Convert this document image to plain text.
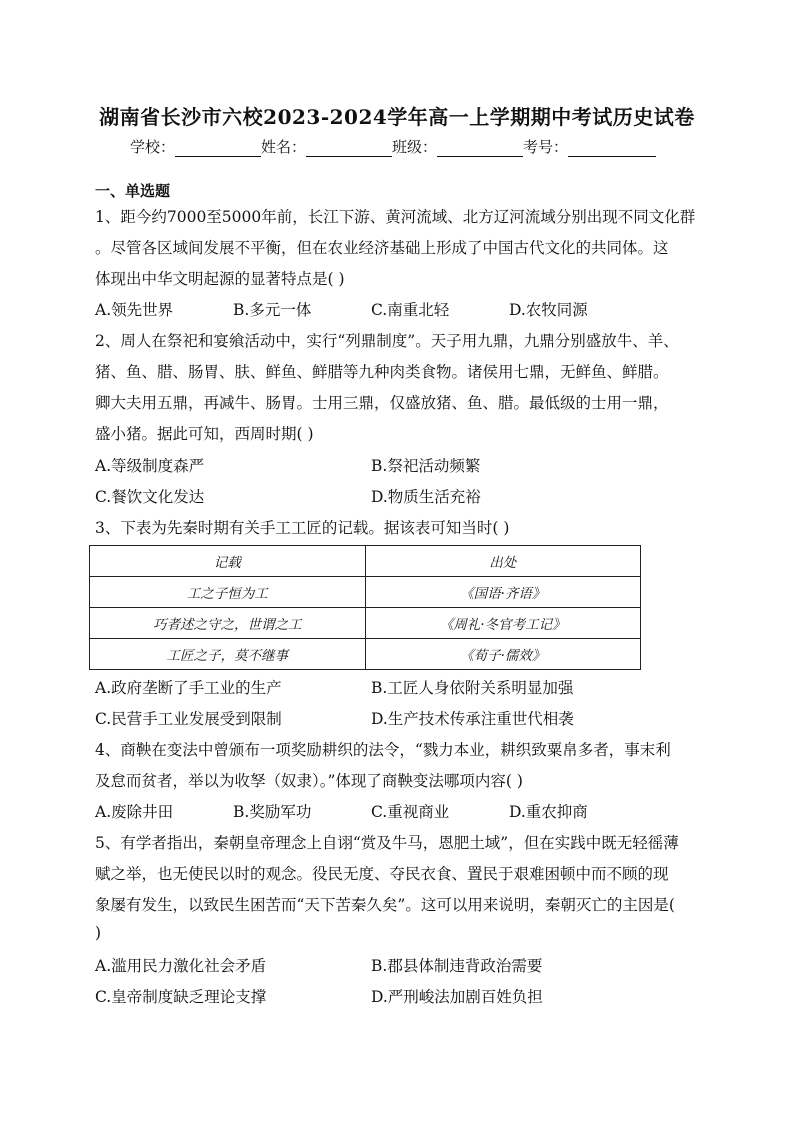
湖南省长沙市六校2023-2024学年高一上学期期中考试历史试卷
学校：	姓名：	班级：	考号：
一、单选题
1、距今约7000至5000年前，长江下游、黄河流域、北方辽河流域分别出现不同文化群
。尽管各区域间发展不平衡，但在农业经济基础上形成了中国古代文化的共同体。这
体现出中华文明起源的显著特点是( )
A.领先世界	B.多元一体	C.南重北轻	D.农牧同源
2、周人在祭祀和宴飨活动中，实行“列鼎制度”。天子用九鼎，九鼎分别盛放牛、羊、
猪、鱼、腊、肠胃、肤、鲜鱼、鲜腊等九种肉类食物。诸侯用七鼎，无鲜鱼、鲜腊。
卿大夫用五鼎，再减牛、肠胃。士用三鼎，仅盛放猪、鱼、腊。最低级的士用一鼎，
盛小猪。据此可知，西周时期( )
A.等级制度森严	B.祭祀活动频繁
C.餐饮文化发达	D.物质生活充裕
3、下表为先秦时期有关手工工匠的记载。据该表可知当时( )
记载	出处
工之子恒为工	《国语·齐语》
巧者述之守之，世谓之工	《周礼·冬官考工记》
工匠之子，莫不继事	《荀子·儒效》
A.政府垄断了手工业的生产	B.工匠人身依附关系明显加强
C.民营手工业发展受到限制	D.生产技术传承注重世代相袭
4、商鞅在变法中曾颁布一项奖励耕织的法令，“戮力本业，耕织致粟帛多者，事末利
及怠而贫者，举以为收孥（奴隶）。”体现了商鞅变法哪项内容( )
A.废除井田	B.奖励军功	C.重视商业	D.重农抑商
5、有学者指出，秦朝皇帝理念上自诩“赏及牛马，恩肥土域”，但在实践中既无轻徭薄
赋之举，也无使民以时的观念。役民无度、夺民衣食、置民于艰难困顿中而不顾的现
象屡有发生，以致民生困苦而“天下苦秦久矣”。这可以用来说明，秦朝灭亡的主因是(
)
A.滥用民力激化社会矛盾	B.郡县体制违背政治需要
C.皇帝制度缺乏理论支撑	D.严刑峻法加剧百姓负担
